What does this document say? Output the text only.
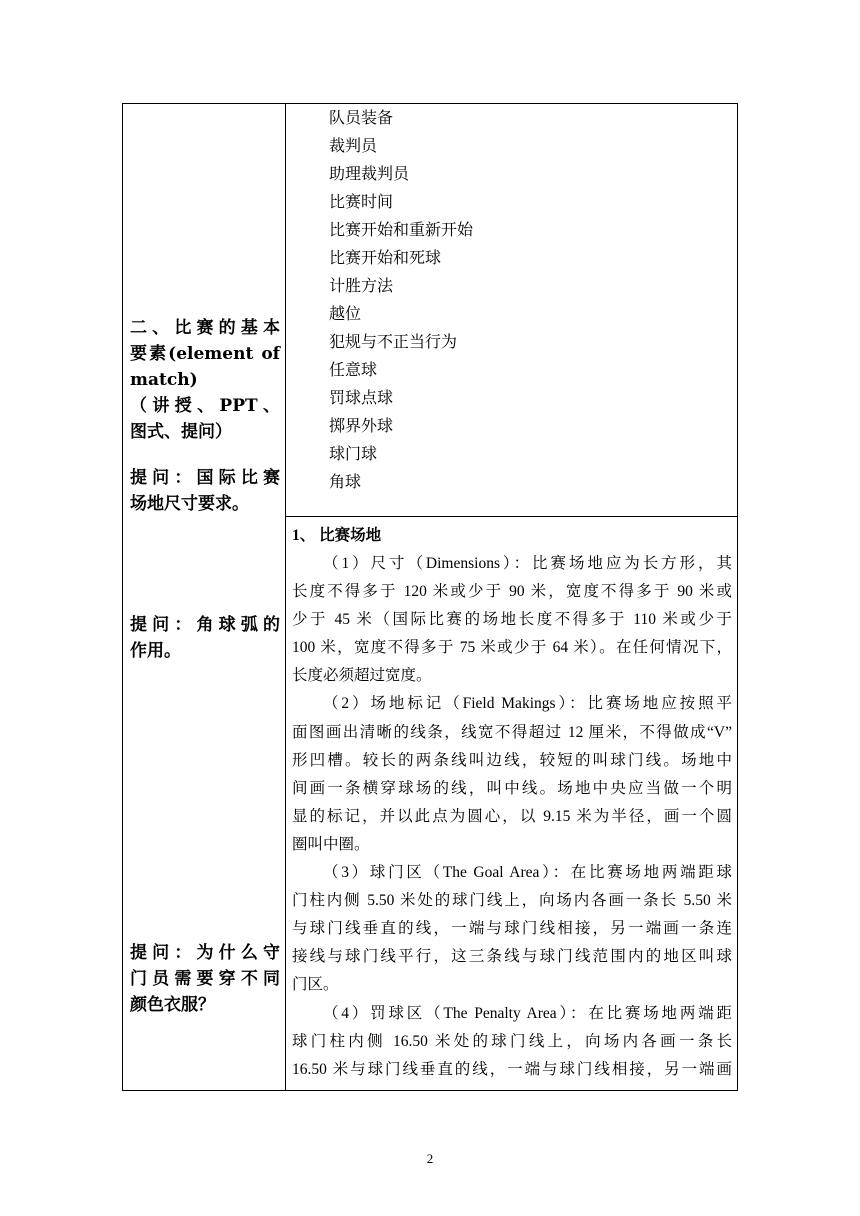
二、比赛的基本
要素(element of
match)
（讲授、PPT、
图式、提问）
提问：国际比赛
场地尺寸要求。
提问：角球弧的
作用。
提问：为什么守
门员需要穿不同
颜色衣服？
队员装备
裁判员
助理裁判员
比赛时间
比赛开始和重新开始
比赛开始和死球
计胜方法
越位
犯规与不正当行为
任意球
罚球点球
掷界外球
球门球
角球
1、 比赛场地
（1）尺寸（Dimensions）：比赛场地应为长方形，其
长度不得多于 120 米或少于 90 米，宽度不得多于 90 米或
少于 45 米（国际比赛的场地长度不得多于 110 米或少于
100 米，宽度不得多于 75 米或少于 64 米）。在任何情况下，
长度必须超过宽度。
（2）场地标记（Field Makings）：比赛场地应按照平
面图画出清晰的线条，线宽不得超过 12 厘米，不得做成“V”
形凹槽。较长的两条线叫边线，较短的叫球门线。场地中
间画一条横穿球场的线，叫中线。场地中央应当做一个明
显的标记，并以此点为圆心，以 9.15 米为半径，画一个圆
圈叫中圈。
（3）球门区（The Goal Area）：在比赛场地两端距球
门柱内侧 5.50 米处的球门线上，向场内各画一条长 5.50 米
与球门线垂直的线，一端与球门线相接，另一端画一条连
接线与球门线平行，这三条线与球门线范围内的地区叫球
门区。
（4）罚球区（The Penalty Area）：在比赛场地两端距
球门柱内侧 16.50 米处的球门线上，向场内各画一条长
16.50 米与球门线垂直的线，一端与球门线相接，另一端画
2
